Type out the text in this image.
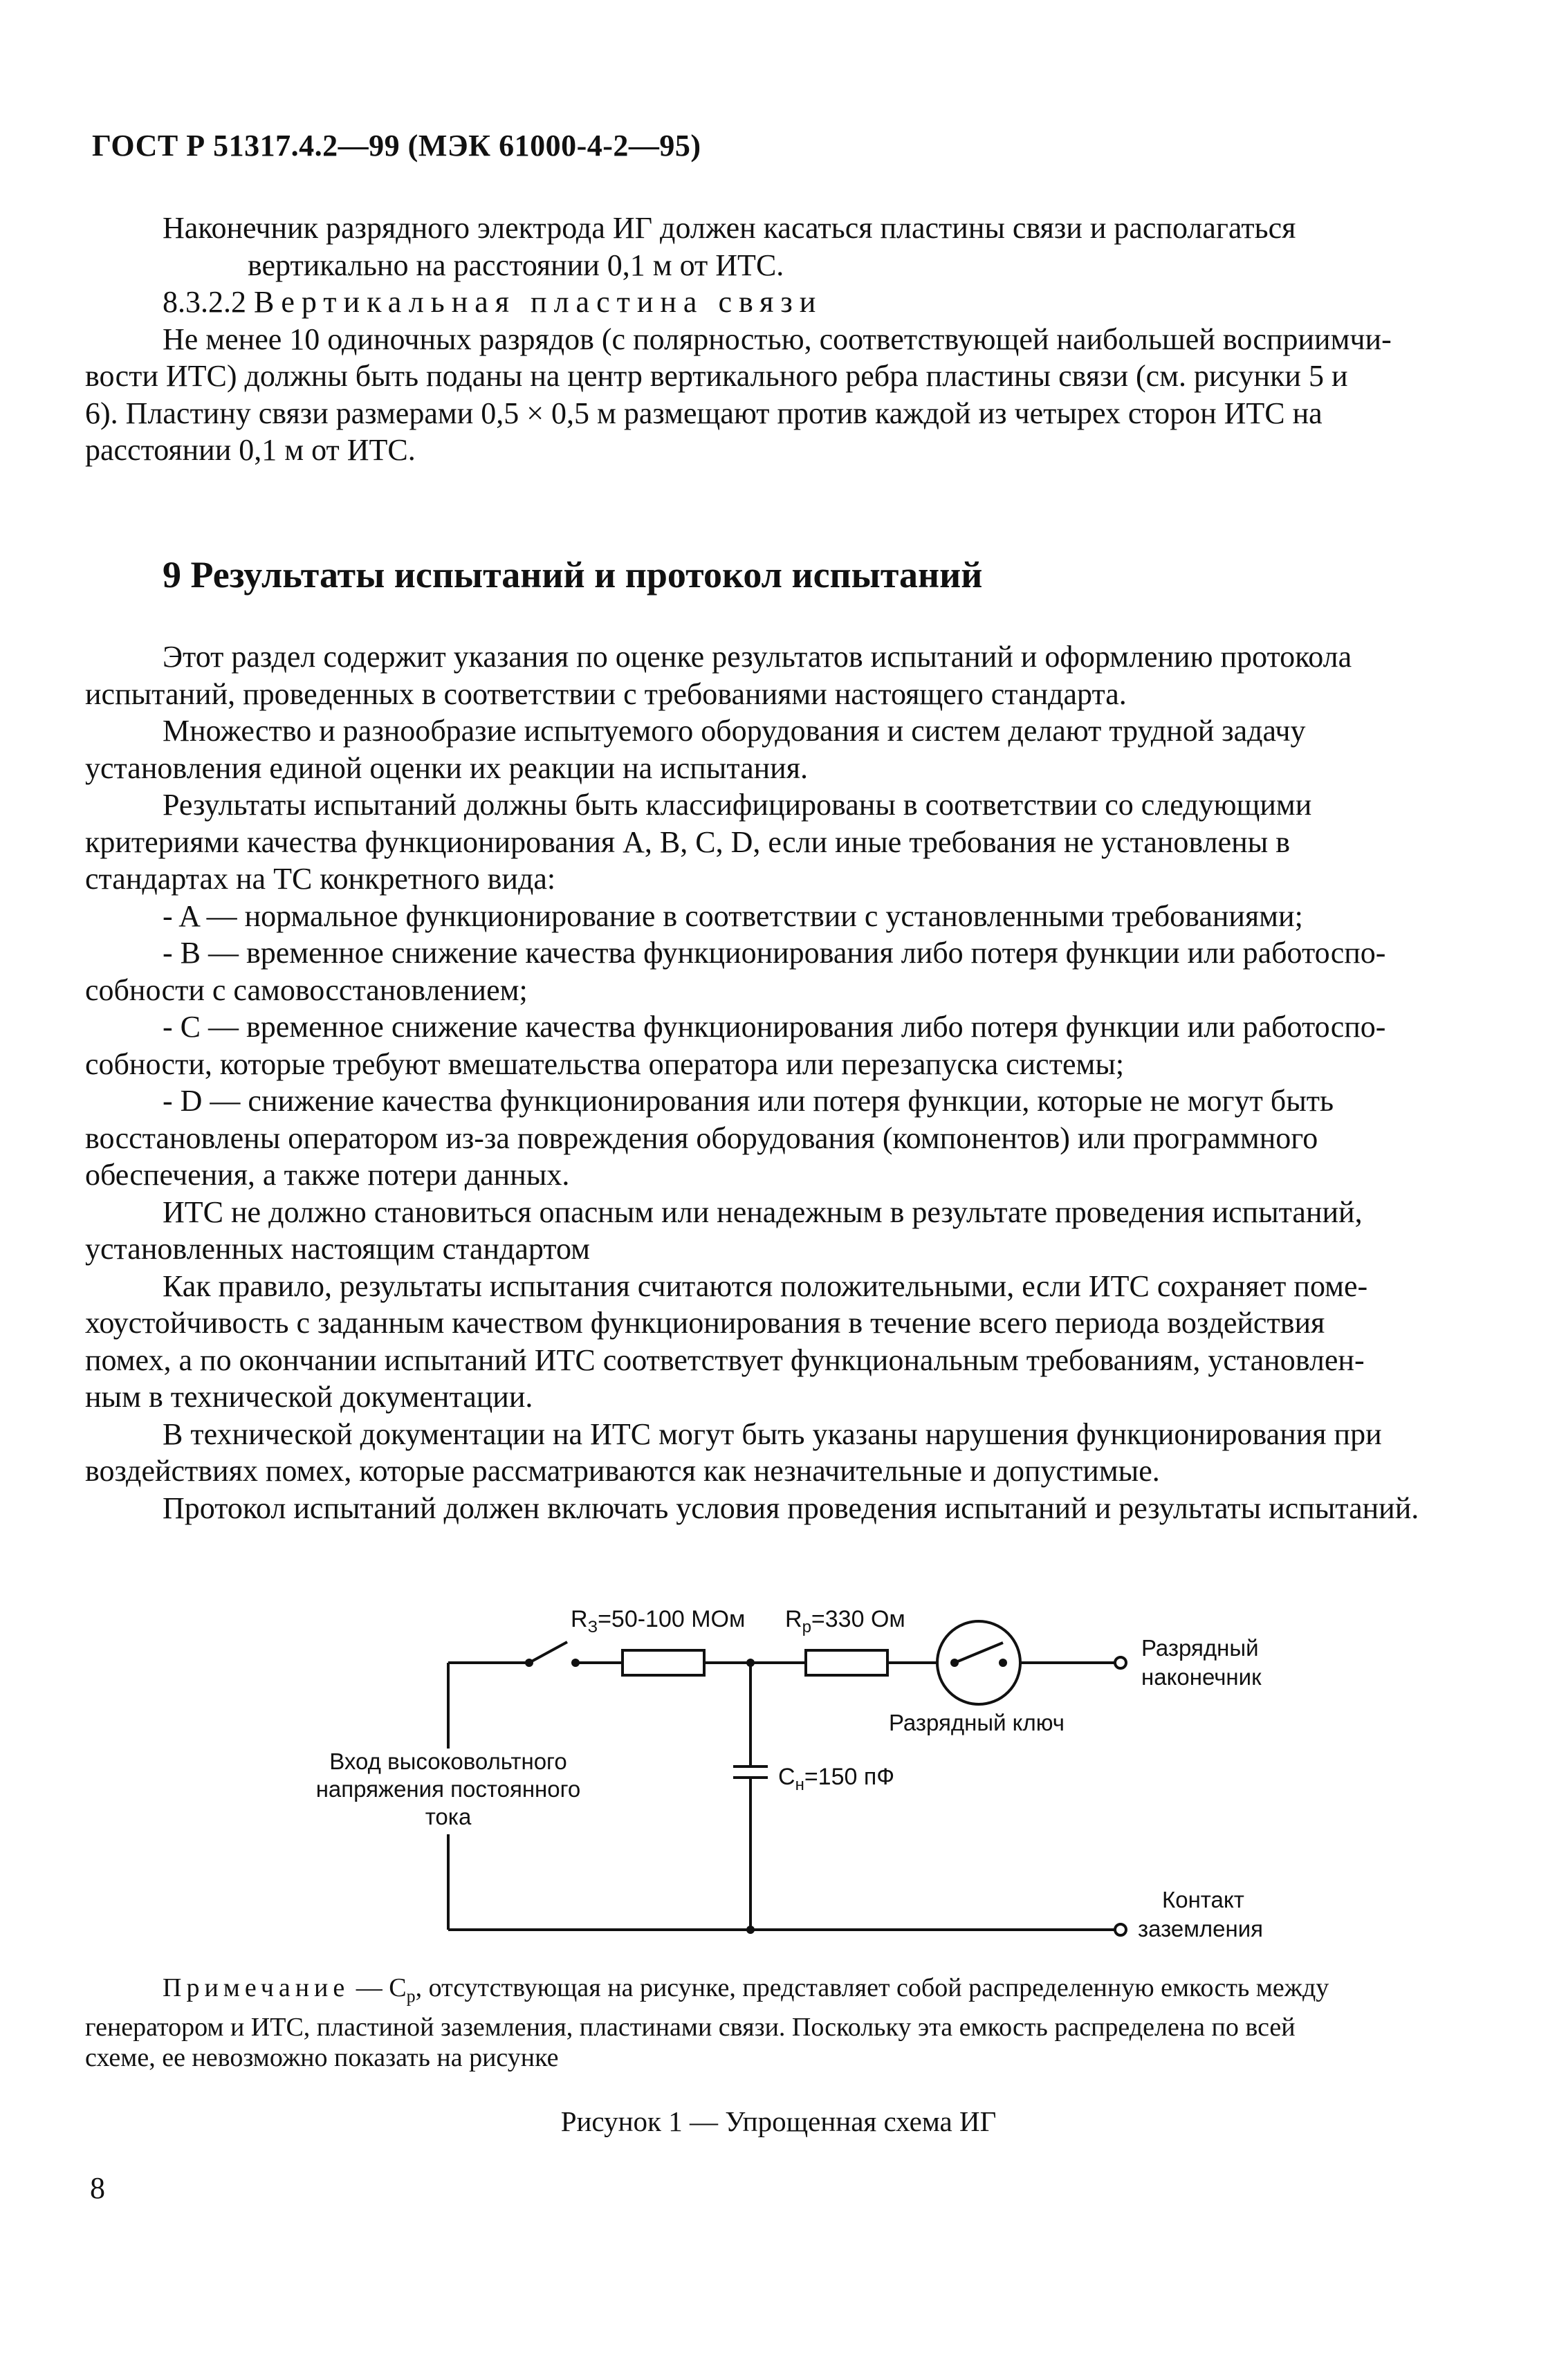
ГОСТ Р 51317.4.2—99 (МЭК 61000-4-2—95)
Наконечник разрядного электрода ИГ должен касаться пластины связи и располагаться
вертикально на расстоянии 0,1 м от ИТС.
8.3.2.2 Вертикальная пластина связи
Не менее 10 одиночных разрядов (с полярностью, соответствующей наибольшей восприимчи-
вости ИТС) должны быть поданы на центр вертикального ребра пластины связи (см. рисунки 5 и
6). Пластину связи размерами 0,5 × 0,5 м размещают против каждой из четырех сторон ИТС на
расстоянии 0,1 м от ИТС.
9 Результаты испытаний и протокол испытаний
Этот раздел содержит указания по оценке результатов испытаний и оформлению протокола
испытаний, проведенных в соответствии с требованиями настоящего стандарта.
Множество и разнообразие испытуемого оборудования и систем делают трудной задачу
установления единой оценки их реакции на испытания.
Результаты испытаний должны быть классифицированы в соответствии со следующими
критериями качества функционирования A, B, C, D, если иные требования не установлены в
стандартах на ТС конкретного вида:
- A — нормальное функционирование в соответствии с установленными требованиями;
- B — временное снижение качества функционирования либо потеря функции или работоспо-
собности с самовосстановлением;
- C — временное снижение качества функционирования либо потеря функции или работоспо-
собности, которые требуют вмешательства оператора или перезапуска системы;
- D — снижение качества функционирования или потеря функции, которые не могут быть
восстановлены оператором из-за повреждения оборудования (компонентов) или программного
обеспечения, а также потери данных.
ИТС не должно становиться опасным или ненадежным в результате проведения испытаний,
установленных настоящим стандартом
Как правило, результаты испытания считаются положительными, если ИТС сохраняет поме-
хоустойчивость с заданным качеством функционирования в течение всего периода воздействия
помех, а по окончании испытаний ИТС соответствует функциональным требованиям, установлен-
ным в технической документации.
В технической документации на ИТС могут быть указаны нарушения функционирования при
воздействиях помех, которые рассматриваются как незначительные и допустимые.
Протокол испытаний должен включать условия проведения испытаний и результаты испытаний.
$R_З=50-100$ МОм $R_р=330$ Ом
Разрядный ключ
Разрядный
наконечник
$C_н=150$ пФ
Контакт
заземления
Вход высоковольтного
напряжения постоянного
тока
Примечание — $C_р$, отсутствующая на рисунке, представляет собой распределенную емкость между
генератором и ИТС, пластиной заземления, пластинами связи. Поскольку эта емкость распределена по всей
схеме, ее невозможно показать на рисунке
Рисунок 1 — Упрощенная схема ИГ
8
